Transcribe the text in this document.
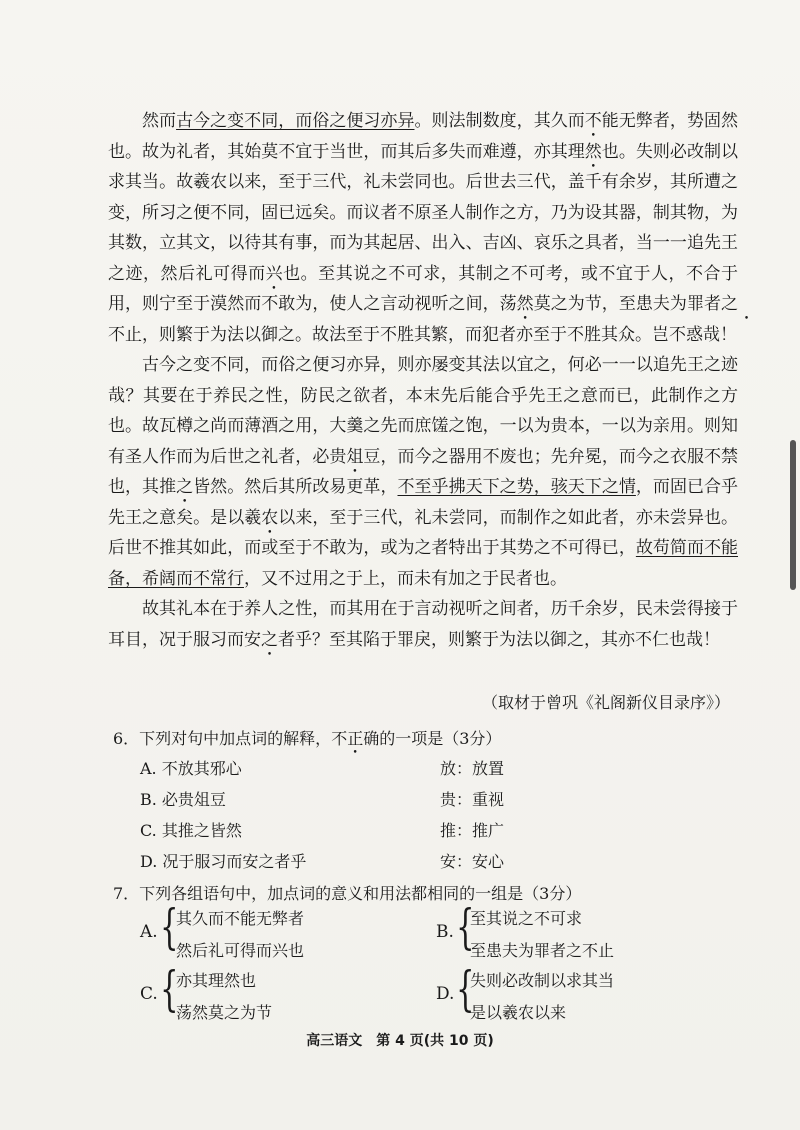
然而古今之变不同，而俗之便习亦异。则法制数度，其久而不能无弊者，势固然也。故为礼者，其始莫不宜于当世，而其后多失而难遵，亦其理然也。失则必改制以求其当。故羲农以来，至于三代，礼未尝同也。后世去三代，盖千有余岁，其所遭之变，所习之便不同，固已远矣。而议者不原圣人制作之方，乃为设其器，制其物，为其数，立其文，以待其有事，而为其起居、出入、吉凶、哀乐之具者，当一一追先王之迹，然后礼可得而兴也。至其说之不可求，其制之不可考，或不宜于人，不合于用，则宁至于漠然而不敢为，使人之言动视听之间，荡然莫之为节，至患夫为罪者之不止，则繁于为法以御之。故法至于不胜其繁，而犯者亦至于不胜其众。岂不惑哉！

古今之变不同，而俗之便习亦异，则亦屡变其法以宜之，何必一一以追先王之迹哉？其要在于养民之性，防民之欲者，本末先后能合乎先王之意而已，此制作之方也。故瓦樽之尚而薄酒之用，大羹之先而庶馐之饱，一以为贵本，一以为亲用。则知有圣人作而为后世之礼者，必贵俎豆，而今之器用不废也；先弁冕，而今之衣服不禁也，其推之皆然。然后其所改易更革，不至乎拂天下之势，骇天下之情，而固已合乎先王之意矣。是以羲农以来，至于三代，礼未尝同，而制作之如此者，亦未尝异也。后世不推其如此，而或至于不敢为，或为之者特出于其势之不可得已，故苟简而不能备，希阔而不常行，又不过用之于上，而未有加之于民者也。

故其礼本在于养人之性，而其用在于言动视听之间者，历千余岁，民未尝得接于耳目，况于服习而安之者乎？至其陷于罪戾，则繁于为法以御之，其亦不仁也哉！

（取材于曾巩《礼阁新仪目录序》）
6．下列对句中加点词的解释，不正确的一项是（3分）
A. 不放其邪心	放：放置
B. 必贵俎豆	贵：重视
C. 其推之皆然	推：推广
D. 况于服习而安之者乎	安：安心
7．下列各组语句中，加点词的意义和用法都相同的一组是（3分）
A. {
其久而不能无弊者
然后礼可得而兴也
B. {
至其说之不可求
至患夫为罪者之不止
C. {
亦其理然也
荡然莫之为节
D. {
失则必改制以求其当
是以羲农以来
高三语文　第 4 页(共 10 页)
